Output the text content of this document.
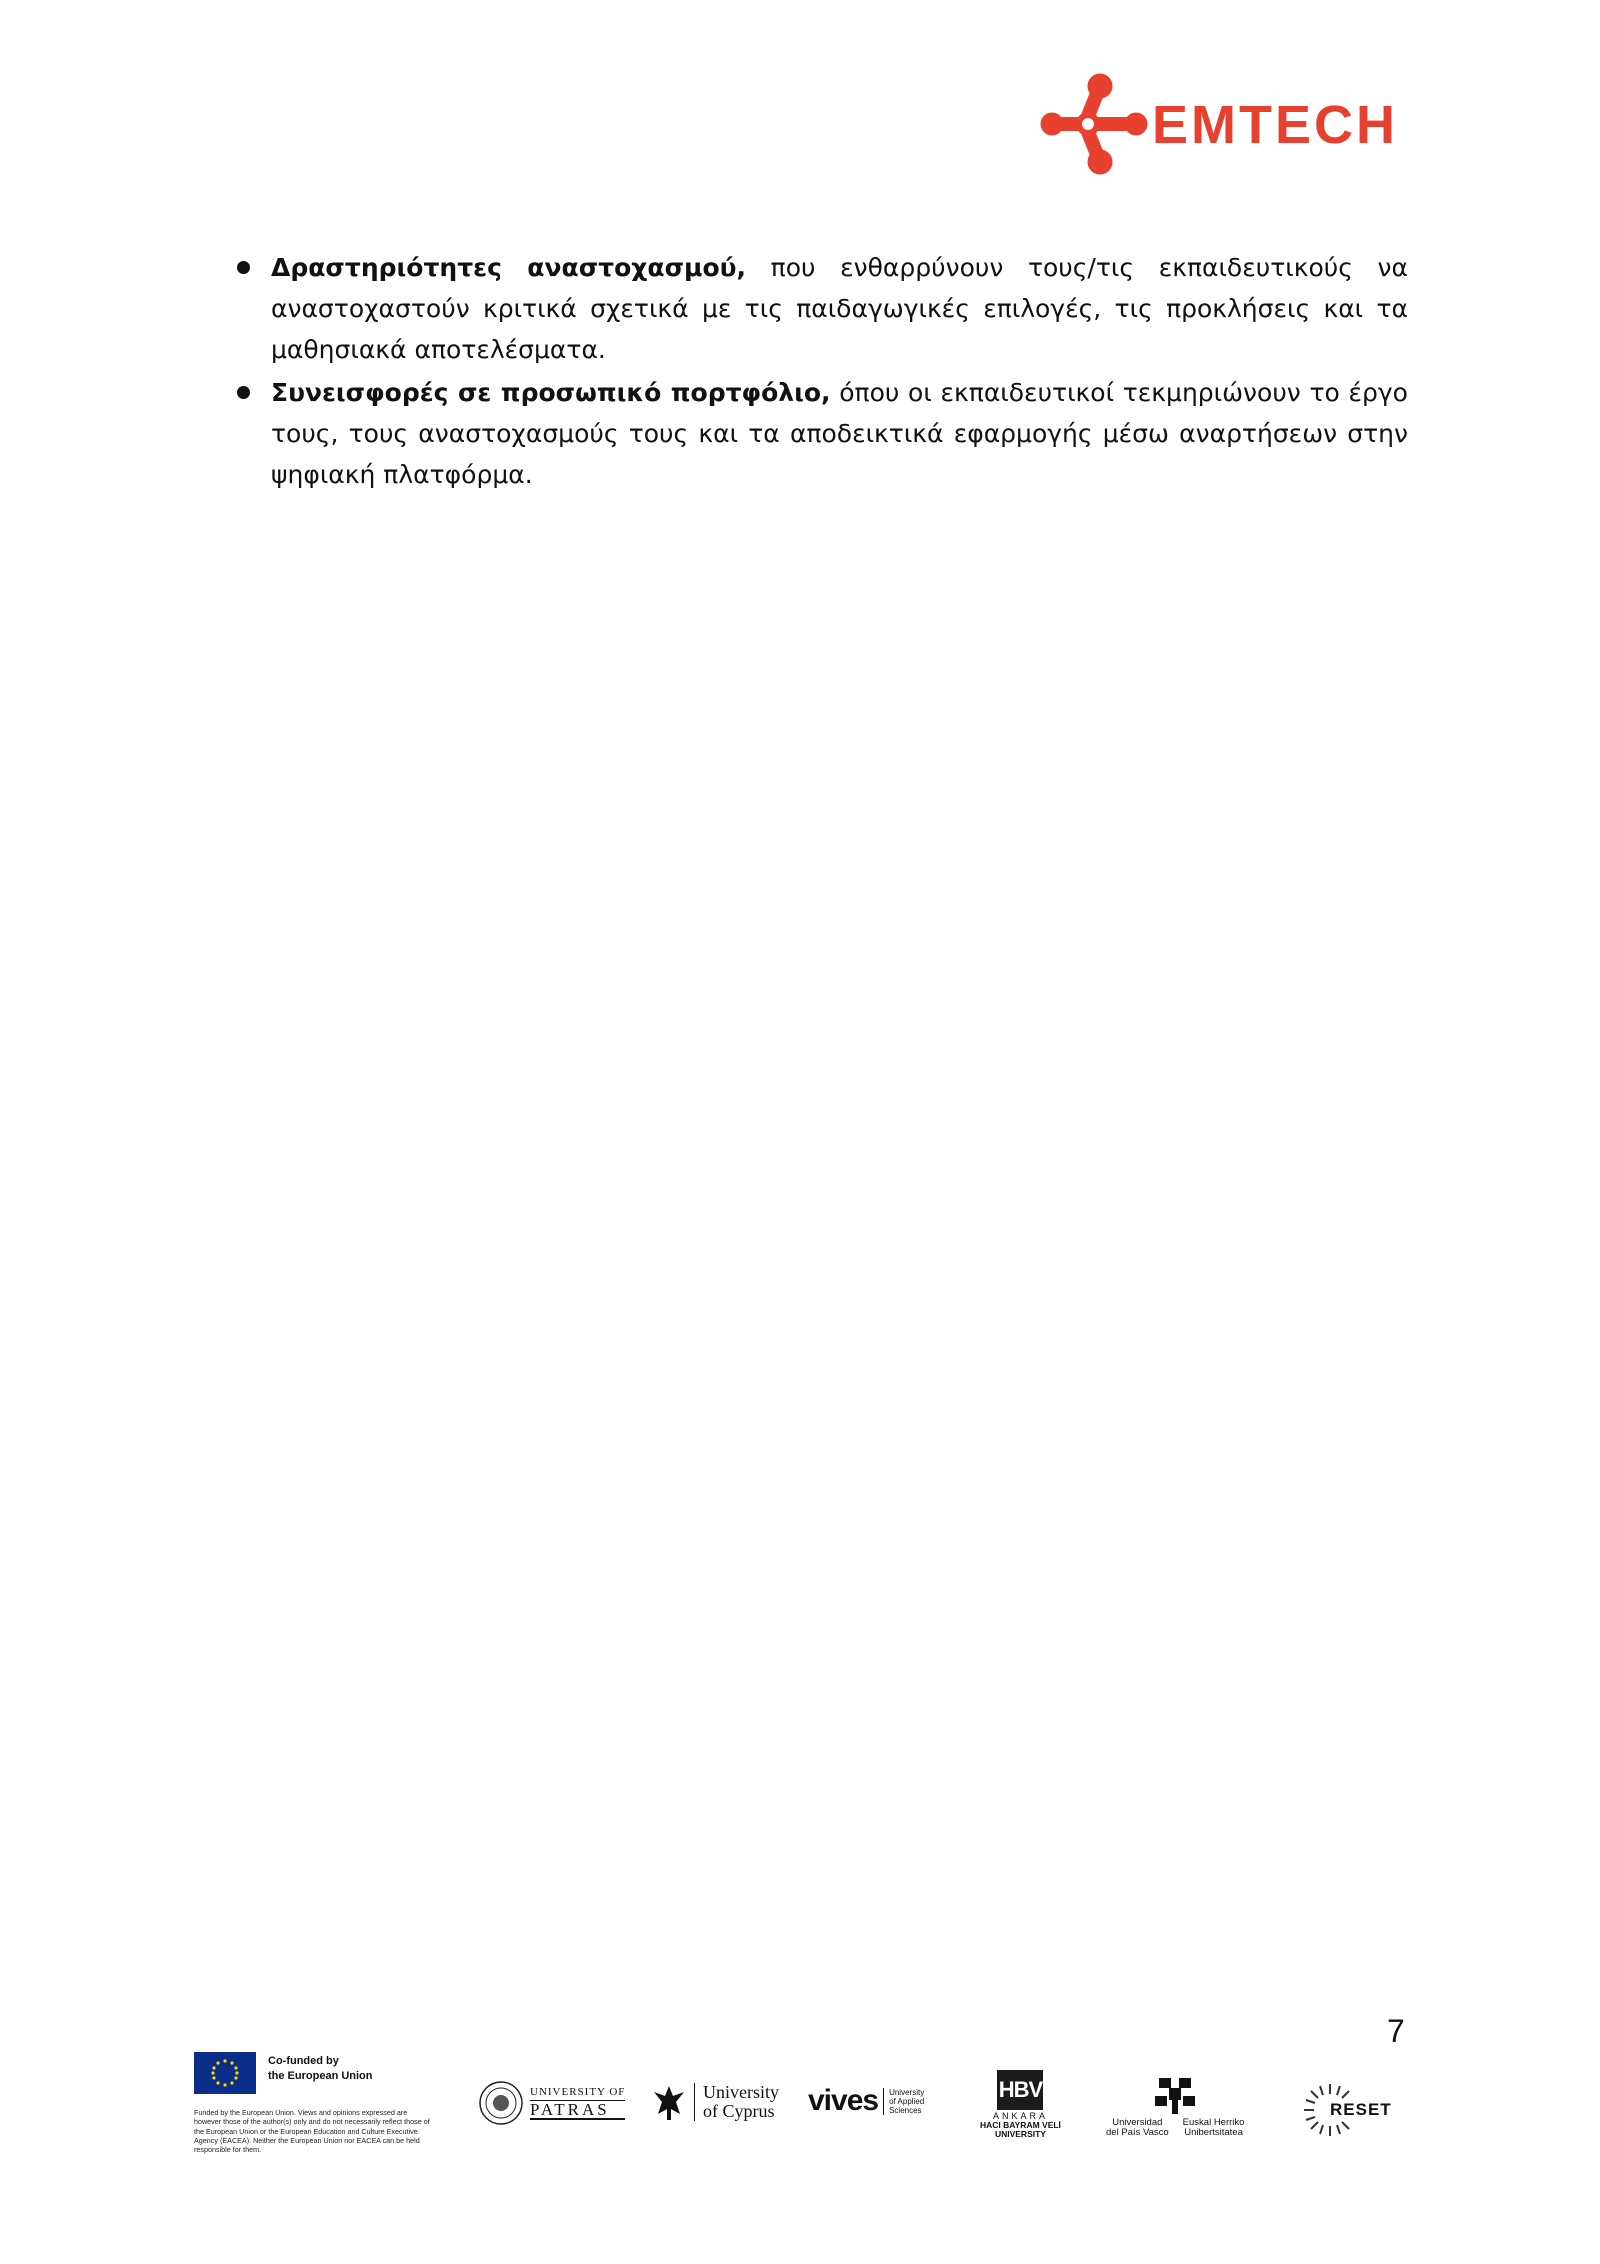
EMTECH
Δραστηριότητες αναστοχασμού, που ενθαρρύνουν τους/τις εκπαιδευτικούς να αναστοχαστούν κριτικά σχετικά με τις παιδαγωγικές επιλογές, τις προκλήσεις και τα μαθησιακά αποτελέσματα.
Συνεισφορές σε προσωπικό πορτφόλιο, όπου οι εκπαιδευτικοί τεκμηριώνουν το έργο τους, τους αναστοχασμούς τους και τα αποδεικτικά εφαρμογής μέσω αναρτήσεων στην ψηφιακή πλατφόρμα.
7
Co-funded by
the European Union
Funded by the European Union. Views and opinions expressed are however those of the author(s) only and do not necessarily reflect those of the European Union or the European Education and Culture Executive Agency (EACEA). Neither the European Union nor EACEA can be held responsible for them.
UNIVERSITY OF
PATRAS
University
of Cyprus vives University
of Applied
Sciences
HBV
ANKARA
HACI BAYRAM VELİ
UNIVERSITY
Universidad
del País Vasco
Euskal Herriko
Unibertsitatea
RESET
